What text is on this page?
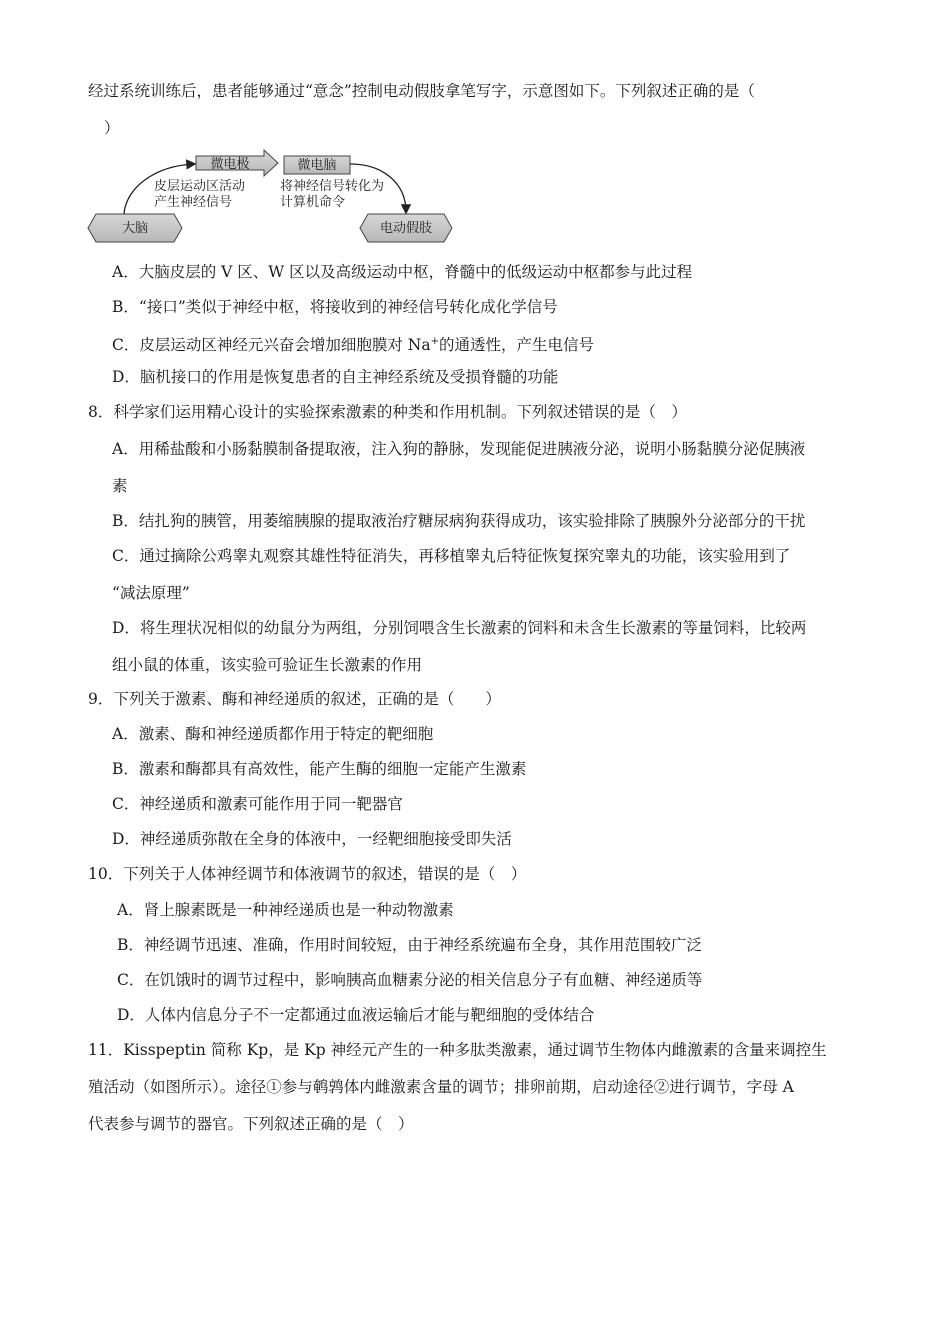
经过系统训练后，患者能够通过“意念”控制电动假肢拿笔写字，示意图如下。下列叙述正确的是（
）
大脑
微电极	微电脑
电动假肢
皮层运动区活动
产生神经信号
将神经信号转化为
计算机命令
A．大脑皮层的 V 区、W 区以及高级运动中枢，脊髓中的低级运动中枢都参与此过程
B．“接口”类似于神经中枢，将接收到的神经信号转化成化学信号
C．皮层运动区神经元兴奋会增加细胞膜对 Na+的通透性，产生电信号
D．脑机接口的作用是恢复患者的自主神经系统及受损脊髓的功能
8．科学家们运用精心设计的实验探索激素的种类和作用机制。下列叙述错误的是（　）
A．用稀盐酸和小肠黏膜制备提取液，注入狗的静脉，发现能促进胰液分泌，说明小肠黏膜分泌促胰液
素
B．结扎狗的胰管，用萎缩胰腺的提取液治疗糖尿病狗获得成功，该实验排除了胰腺外分泌部分的干扰
C．通过摘除公鸡睾丸观察其雄性特征消失，再移植睾丸后特征恢复探究睾丸的功能，该实验用到了
“减法原理”
D．将生理状况相似的幼鼠分为两组，分别饲喂含生长激素的饲料和未含生长激素的等量饲料，比较两
组小鼠的体重，该实验可验证生长激素的作用
9．下列关于激素、酶和神经递质的叙述，正确的是（　　）
A．激素、酶和神经递质都作用于特定的靶细胞
B．激素和酶都具有高效性，能产生酶的细胞一定能产生激素
C．神经递质和激素可能作用于同一靶器官
D．神经递质弥散在全身的体液中，一经靶细胞接受即失活
10．下列关于人体神经调节和体液调节的叙述，错误的是（　）
A．肾上腺素既是一种神经递质也是一种动物激素
B．神经调节迅速、准确，作用时间较短，由于神经系统遍布全身，其作用范围较广泛
C．在饥饿时的调节过程中，影响胰高血糖素分泌的相关信息分子有血糖、神经递质等
D．人体内信息分子不一定都通过血液运输后才能与靶细胞的受体结合
11．Kisspeptin 简称 Kp，是 Kp 神经元产生的一种多肽类激素，通过调节生物体内雌激素的含量来调控生
殖活动（如图所示）。途径①参与鹌鹑体内雌激素含量的调节；排卵前期，启动途径②进行调节，字母 A
代表参与调节的器官。下列叙述正确的是（　）
